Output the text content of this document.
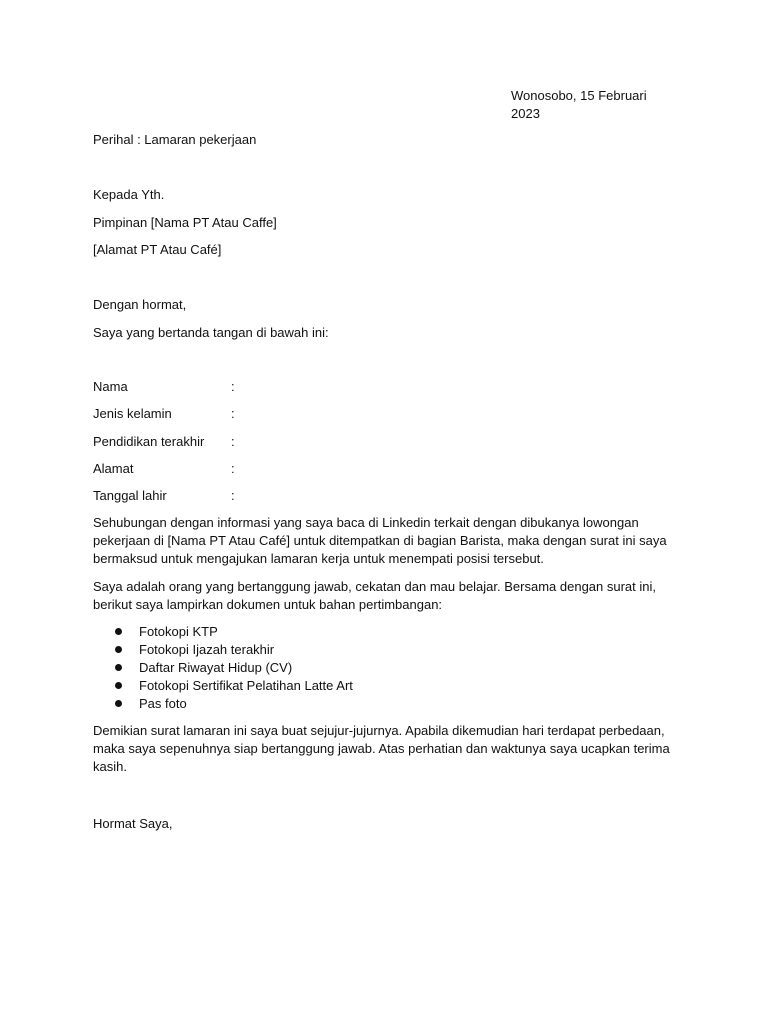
Wonosobo, 15 Februari
2023
Perihal : Lamaran pekerjaan
Kepada Yth.
Pimpinan [Nama PT Atau Caffe]
[Alamat PT Atau Café]
Dengan hormat,
Saya yang bertanda tangan di bawah ini:
Nama	:
Jenis kelamin	:
Pendidikan terakhir :
Alamat	:
Tanggal lahir	:
Sehubungan dengan informasi yang saya baca di Linkedin terkait dengan dibukanya lowongan pekerjaan di [Nama PT Atau Café] untuk ditempatkan di bagian Barista, maka dengan surat ini saya bermaksud untuk mengajukan lamaran kerja untuk menempati posisi tersebut.
Saya adalah orang yang bertanggung jawab, cekatan dan mau belajar. Bersama dengan surat ini, berikut saya lampirkan dokumen untuk bahan pertimbangan:
Fotokopi KTP
Fotokopi Ijazah terakhir
Daftar Riwayat Hidup (CV)
Fotokopi Sertifikat Pelatihan Latte Art
Pas foto
Demikian surat lamaran ini saya buat sejujur-jujurnya. Apabila dikemudian hari terdapat perbedaan, maka saya sepenuhnya siap bertanggung jawab. Atas perhatian dan waktunya saya ucapkan terima kasih.
Hormat Saya,
